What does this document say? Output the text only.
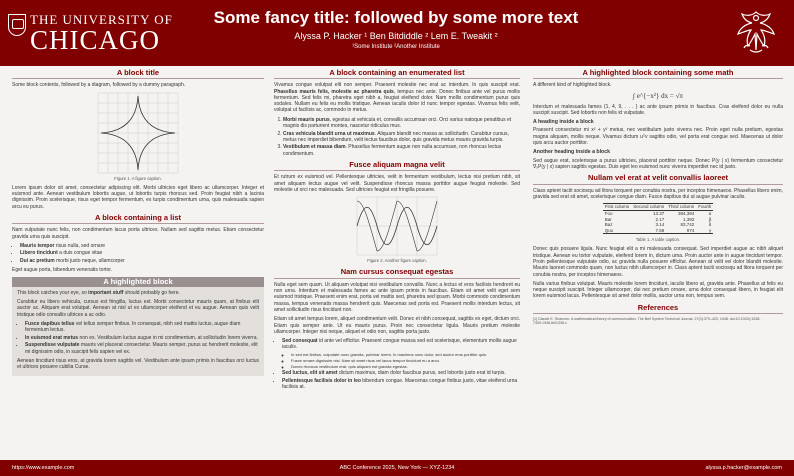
THE UNIVERSITY OF
CHICAGO
Some fancy title: followed by some more text
Alyssa P. Hacker ¹ Ben Bitdiddle ² Lem E. Tweakit ²
¹Some Institute ²Another Institute
A block title

Some block contents, followed by a diagram, followed by a dummy paragraph.

Figure 1. A figure caption.

Lorem ipsum dolor sit amet, consectetur adipiscing elit. Morbi ultricies eget libero ac ullamcorper. Integer et euismod ante. Aenean vestibulum lobortis augue, ut lobortis turpis rhoncus sed. Proin feugiat nibh a lacinia dignissim. Proin scelerisque, risus eget tempor fermentum, ex turpis condimentum urna, quis malesuada sapien arcu eu purus.

A block containing a list

Nam vulputate nunc felis, non condimentum lacus porta ultrices. Nullam sed sagittis metus. Etiam consectetur gravida urna quis suscipit.

• Mauris tempor risus nulla, sed ornare
• Libero tincidunt a duis congue vitae
• Dui ac pretium morbi justo neque, ullamcorper

Eget augue porta, bibendum venenatis tortor.

A highlighted block

This block catches your eye, so important stuff should probably go here.

Curabitur eu libero vehicula, cursus est fringilla, luctus est. Morbi consectetur mauris quam, at finibus elit auctor ac. Aliquam erat volutpat. Aenean at nisl ut ex ullamcorper eleifend et eu augue. Aenean quis velit tristique odio convallis ultrices a ac odio.

• Fusce dapibus tellus vel tellus semper finibus. In consequat, nibh sed mattis luctus, augue diam fermentum lectus.
• In euismod erat metus non ex. Vestibulum luctus augue in mi condimentum, at sollicitudin lorem viverra.
• Suspendisse vulputate mauris vel placerat consectetur. Mauris semper, purus ac hendrerit molestie, elit mi dignissim odio, in suscipit felis sapien vel ex.

Aenean tincidunt risus eros, at gravida lorem sagittis vel. Vestibulum ante ipsum primis in faucibus orci luctus et ultrices posuere cubilia Curae.

A block containing an enumerated list

Vivamus congue volutpat elit non semper. Praesent molestie nec erat ac interdum. In quis suscipit erat. Phasellus mauris felis, molestie ac pharetra quis, tempus nec ante. Donec finibus ante vel purus mollis fermentum. Sed felis mi, pharetra eget nibh a, feugiat eleifend dolor. Nam mollis condimentum purus quis sodales. Nullam eu felis eu mollis tristique. Aenean iaculis dolor id nunc tempor egestas. Vivamus felis velit, volutpat ut facilisis ac, commodo in metus.

1. Morbi mauris purus, egestas at vehicula et, convallis accumsan orci. Orci varius natoque penatibus et magnis dis parturient montes, nascetur ridiculus mus.
2. Cras vehicula blandit urna ut maximus. Aliquam blandit nec massa ac sollicitudin. Curabitur cursus, metus nec imperdiet bibendum, velit lectus faucibus dolor, quis gravida metus mauris gravida turpis.
3. Vestibulum et massa diam. Phasellus fermentum augue non nulla accumsan, non rhoncus lectus condimentum.
Fusce aliquam magna velit

Et rutrum ex euismod vel. Pellentesque ultricies, velit in fermentum vestibulum, lectus nisi pretium nibh, sit amet aliquam lectus augue vel velit. Suspendisse rhoncus massa porttitor augue feugiat molestie. Sed molestie ut orci nec malesuada. Sed ultricies feugiat est fringilla posuere.

Figure 2. Another figure caption.
Nam cursus consequat egestas

Nulla eget sem quam. Ut aliquam volutpat nisi vestibulum convallis. Nunc a lectus et eros facilisis hendrerit eu non urna. Interdum et malesuada fames ac ante ipsum primis in faucibus. Etiam sit amet velit eget sem euismod tristique. Praesent enim erat, porta vel mattis sed, pharetra sed ipsum. Morbi commodo condimentum massa, tempus venenatis massa hendrerit quis. Maecenas sed porta est. Praesent mollis interdum lectus, sit amet sollicitudin risus tincidunt non.

Etiam sit amet tempus lorem, aliquet condimentum velit. Donec et nibh consequat, sagittis ex eget, dictum orci. Etiam quis semper ante. Ut eu mauris purus. Proin nec consectetur ligula. Mauris pretium molestie ullamcorper. Integer nisi neque, aliquet et odio non, sagittis porta justo.

• Sed consequat id ante vel efficitur. Praesent congue massa sed est scelerisque, elementum mollis augue iaculis.
◦ In sed est finibus, vulputate nunc gravida, pulvinar lorem. In maximus nunc dolor, sed auctor eros porttitor quis.
◦ Fusce ornare dignissim nisi. Nam sit amet risus vel lacus tempor tincidunt eu a arcu.
◦ Donec rhoncus vestibulum erat, quis aliquam est gravida egestas.
• Sed luctus, elit sit amet dictum maximus, diam dolor faucibus purus, sed lobortis justo erat id turpis.
• Pellentesque facilisis dolor in leo bibendum congue. Maecenas congue finibus justo, vitae eleifend urna facilisis at.
A highlighted block containing some math

A different kind of highlighted block.

∫ e^{−x²} dx = √π

Interdum et malesuada fames {1, 4, 9, . . . } ac ante ipsum primis in faucibus. Cras eleifend dolor eu nulla suscipit suscipit. Sed lobortis non felis id vulputate.

A heading inside a block

Praesent consectetur mi x² + y² metus, nec vestibulum justo viverra nec. Proin eget nulla pretium, egestas magna aliquam, mollis neque. Vivamus dictum uᵀv sagittis odio, vel porta erat congue sed. Maecenas ut dolor quis arcu auctor porttitor.

Another heading inside a block

Sed augue erat, scelerisque a purus ultricies, placerat porttitor neque. Donec P(y | x) fermentum consectetur ∇ₓP(y | x) sapien sagittis egestas. Duis eget leo euismod nunc viverra imperdiet nec id justo.

Nullam vel erat at velit convallis laoreet

Class aptent taciti sociosqu ad litora torquent per conubia nostra, per inceptos himenaeos. Phasellus libero enim, gravida sed erat sit amet, scelerisque congue diam. Fusce dapibus dui ut augue pulvinar iaculis.

First column	Second column	Third column	Fourth
Foo	13.37	384,394	α
Bar	2.17	1,392	β
Baz	3.14	83,742	δ
Qux	7.59	974	γ
Table 1. A table caption.

Donec quis posuere ligula. Nunc feugiat elit a mi malesuada consequat. Sed imperdiet augue ac nibh aliquet tristique. Aenean eu tortor vulputate, eleifend lorem in, dictum urna. Proin auctor ante in augue tincidunt tempor. Proin pellentesque vulputate odio, ac gravida nulla posuere efficitur. Aenean at velit vel dolor blandit molestie. Mauris laoreet commodo quam, non luctus nibh ullamcorper in. Class aptent taciti sociosqu ad litora torquent per conubia nostra, per inceptos himenaeos.

Nulla varius finibus volutpat. Mauris molestie lorem tincidunt, iaculis libero at, gravida ante. Phasellus at felis eu neque suscipit suscipit. Integer ullamcorper, dui nec pretium ornare, urna dolor consequat libero, in feugiat elit lorem euismod lacus. Pellentesque sit amet dolor mollis, auctor urna non, tempus sem.

References
[1] Claude E. Shannon. A mathematical theory of communication. The Bell System Technical Journal, 27(3):379–423, 1948. doi:10.1002/j.1538-7305.1948.tb01338.x
ABC Conference 2025, New York — XYZ-1234
https://www.example.com	alyssa.p.hacker@example.com
